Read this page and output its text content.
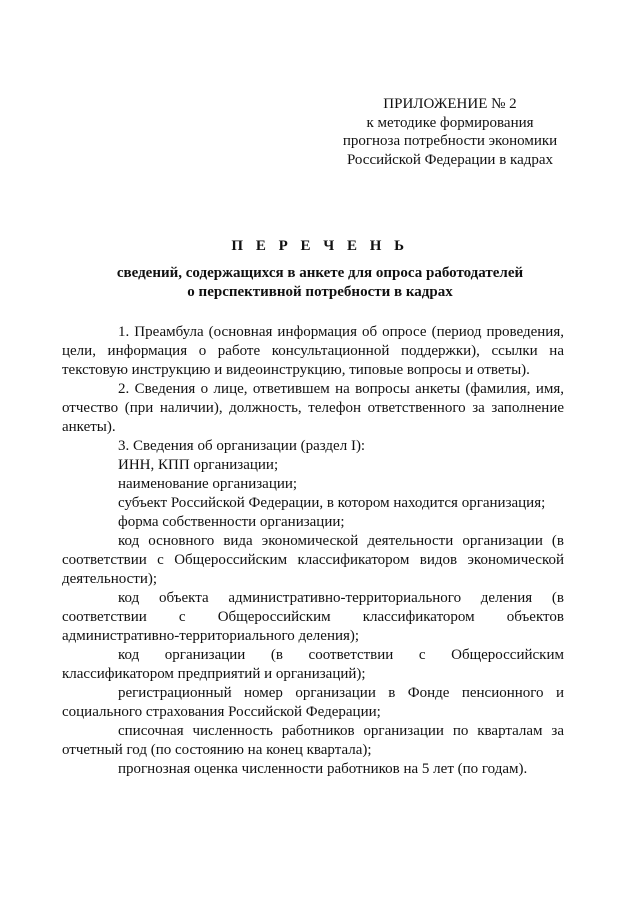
ПРИЛОЖЕНИЕ № 2
к методике формирования
прогноза потребности экономики
Российской Федерации в кадрах
П Е Р Е Ч Е Н Ь
сведений, содержащихся в анкете для опроса работодателей
о перспективной потребности в кадрах

1. Преамбула (основная информация об опросе (период проведения, цели, информация о работе консультационной поддержки), ссылки на текстовую инструкцию и видеоинструкцию, типовые вопросы и ответы).

2. Сведения о лице, ответившем на вопросы анкеты (фамилия, имя, отчество (при наличии), должность, телефон ответственного за заполнение анкеты).

3. Сведения об организации (раздел I):

ИНН, КПП организации;

наименование организации;

субъект Российской Федерации, в котором находится организация;

форма собственности организации;

код основного вида экономической деятельности организации (в соответствии с Общероссийским классификатором видов экономической деятельности);

код объекта административно-территориального деления (в соответствии с Общероссийским классификатором объектов административно-территориального деления);

код организации (в соответствии с Общероссийским классификатором предприятий и организаций);

регистрационный номер организации в Фонде пенсионного и социального страхования Российской Федерации;

списочная численность работников организации по кварталам за отчетный год (по состоянию на конец квартала);

прогнозная оценка численности работников на 5 лет (по годам).
